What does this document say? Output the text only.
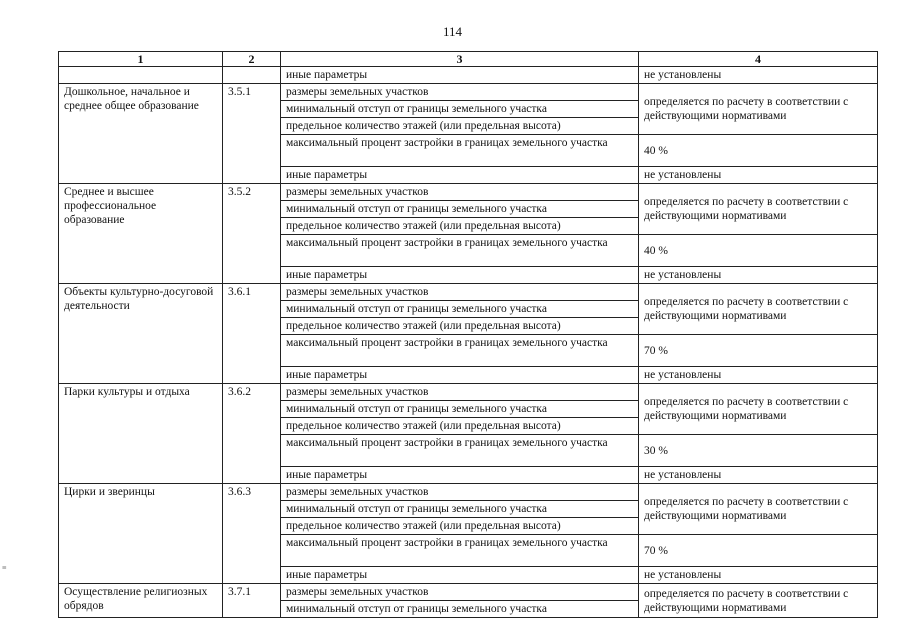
114
≡
1	2	3	4
		иные параметры	не установлены
Дошкольное, начальное и среднее общее образование	3.5.1	размеры земельных участков	определяется по расчету в соответствии с действующими нормативами
		минимальный отступ от границы земельного участка	
		предельное количество этажей (или предельная высота)	
		максимальный процент застройки в границах земельного участка	40 %
		иные параметры	не установлены
Среднее и высшее профессиональное образование	3.5.2	размеры земельных участков	определяется по расчету в соответствии с действующими нормативами
		минимальный отступ от границы земельного участка	
		предельное количество этажей (или предельная высота)	
		максимальный процент застройки в границах земельного участка	40 %
		иные параметры	не установлены
Объекты культурно-досуговой деятельности	3.6.1	размеры земельных участков	определяется по расчету в соответствии с действующими нормативами
		минимальный отступ от границы земельного участка	
		предельное количество этажей (или предельная высота)	
		максимальный процент застройки в границах земельного участка	70 %
		иные параметры	не установлены
Парки культуры и отдыха	3.6.2	размеры земельных участков	определяется по расчету в соответствии с действующими нормативами
		минимальный отступ от границы земельного участка	
		предельное количество этажей (или предельная высота)	
		максимальный процент застройки в границах земельного участка	30 %
		иные параметры	не установлены
Цирки и зверинцы	3.6.3	размеры земельных участков	определяется по расчету в соответствии с действующими нормативами
		минимальный отступ от границы земельного участка	
		предельное количество этажей (или предельная высота)	
		максимальный процент застройки в границах земельного участка	70 %
		иные параметры	не установлены
Осуществление религиозных обрядов	3.7.1	размеры земельных участков	определяется по расчету в соответствии с действующими нормативами
		минимальный отступ от границы земельного участка	
